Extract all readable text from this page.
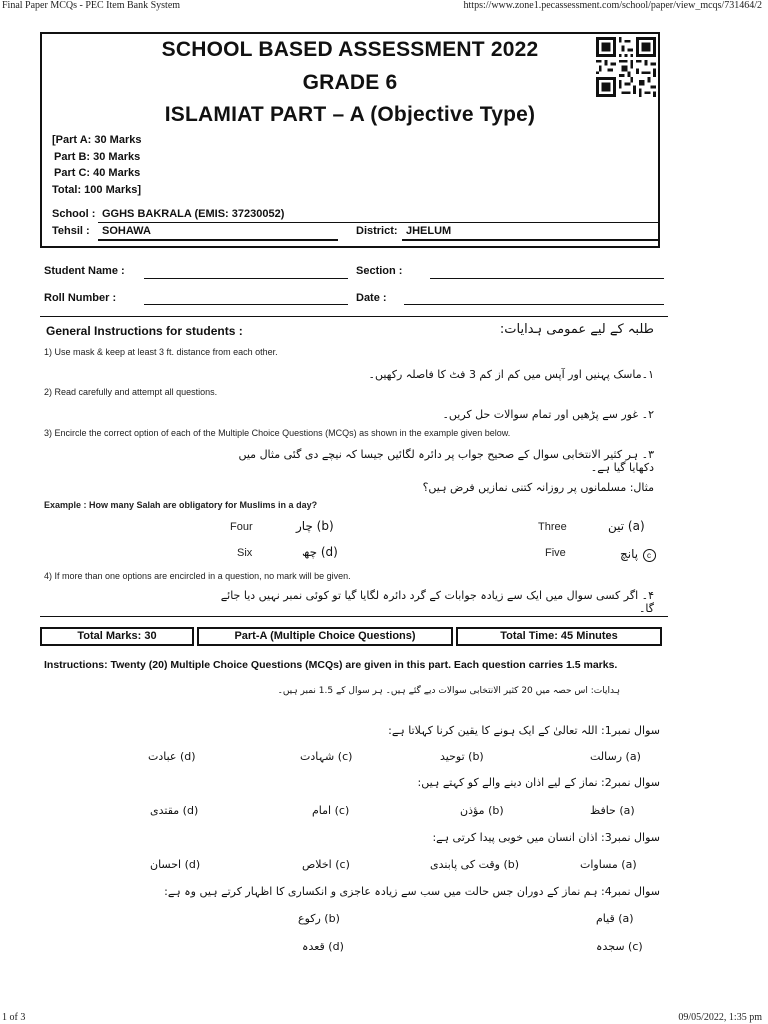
Final Paper MCQs - PEC Item Bank System	https://www.zone1.pecassessment.com/school/paper/view_mcqs/731464/2
1 of 3	09/05/2022, 1:35 pm
SCHOOL BASED ASSESSMENT 2022
GRADE 6
ISLAMIAT PART – A (Objective Type)
[Part A: 30 Marks
Part B: 30 Marks
Part C: 40 Marks
Total: 100 Marks]
School : GGHS BAKRALA (EMIS: 37230052)
Tehsil : SOHAWA	District: JHELUM
Student Name :	Section :
Roll Number :	Date :
General Instructions for students :	طلبہ کے لیے عمومی ہدایات:
1) Use mask & keep at least 3 ft. distance from each other.
۱۔ماسک پہنیں اور آپس میں کم از کم 3 فٹ کا فاصلہ رکھیں۔
2) Read carefully and attempt all questions.
۲۔ غور سے پڑھیں اور تمام سوالات حل کریں۔
3) Encircle the correct option of each of the Multiple Choice Questions (MCQs) as shown in the example given below.
۳۔ ہر کثیر الانتخابی سوال کے صحیح جواب پر دائرہ لگائیں جیسا کہ نیچے دی گئی مثال میں دکھایا گیا ہے۔
مثال: مسلمانوں پر روزانہ کتنی نمازیں فرض ہیں؟
Example : How many Salah are obligatory for Muslims in a day?
Four	(b) چار	Three	(a) تین
Six	(d) چھ	Five	پانچ c
4) If more than one options are encircled in a question, no mark will be given.
۴۔ اگر کسی سوال میں ایک سے زیادہ جوابات کے گرد دائرہ لگایا گیا تو کوئی نمبر نہیں دیا جائے گا۔
Total Marks: 30	Part-A (Multiple Choice Questions)	Total Time: 45 Minutes
Instructions: Twenty (20) Multiple Choice Questions (MCQs) are given in this part. Each question carries 1.5 marks.
ہدایات: اس حصہ میں 20 کثیر الانتخابی سوالات دیے گئے ہیں۔ ہر سوال کے 1.5 نمبر ہیں۔
سوال نمبر1: اللہ تعالیٰ کے ایک ہونے کا یقین کرنا کہلاتا ہے:
(a) رسالت
(b) توحید
(c) شہادت
(d) عبادت
سوال نمبر2: نماز کے لیے اذان دینے والے کو کہتے ہیں:
(a) حافظ
(b) مؤذن
(c) امام
(d) مقتدی
سوال نمبر3: اذان انسان میں خوبی پیدا کرتی ہے:
(a) مساوات
(b) وقت کی پابندی
(c) اخلاص
(d) احسان
سوال نمبر4: ہم نماز کے دوران جس حالت میں سب سے زیادہ عاجزی و انکساری کا اظہار کرتے ہیں وہ ہے:
(a) قیام
(b) رکوع
(c) سجدہ
(d) قعدہ
